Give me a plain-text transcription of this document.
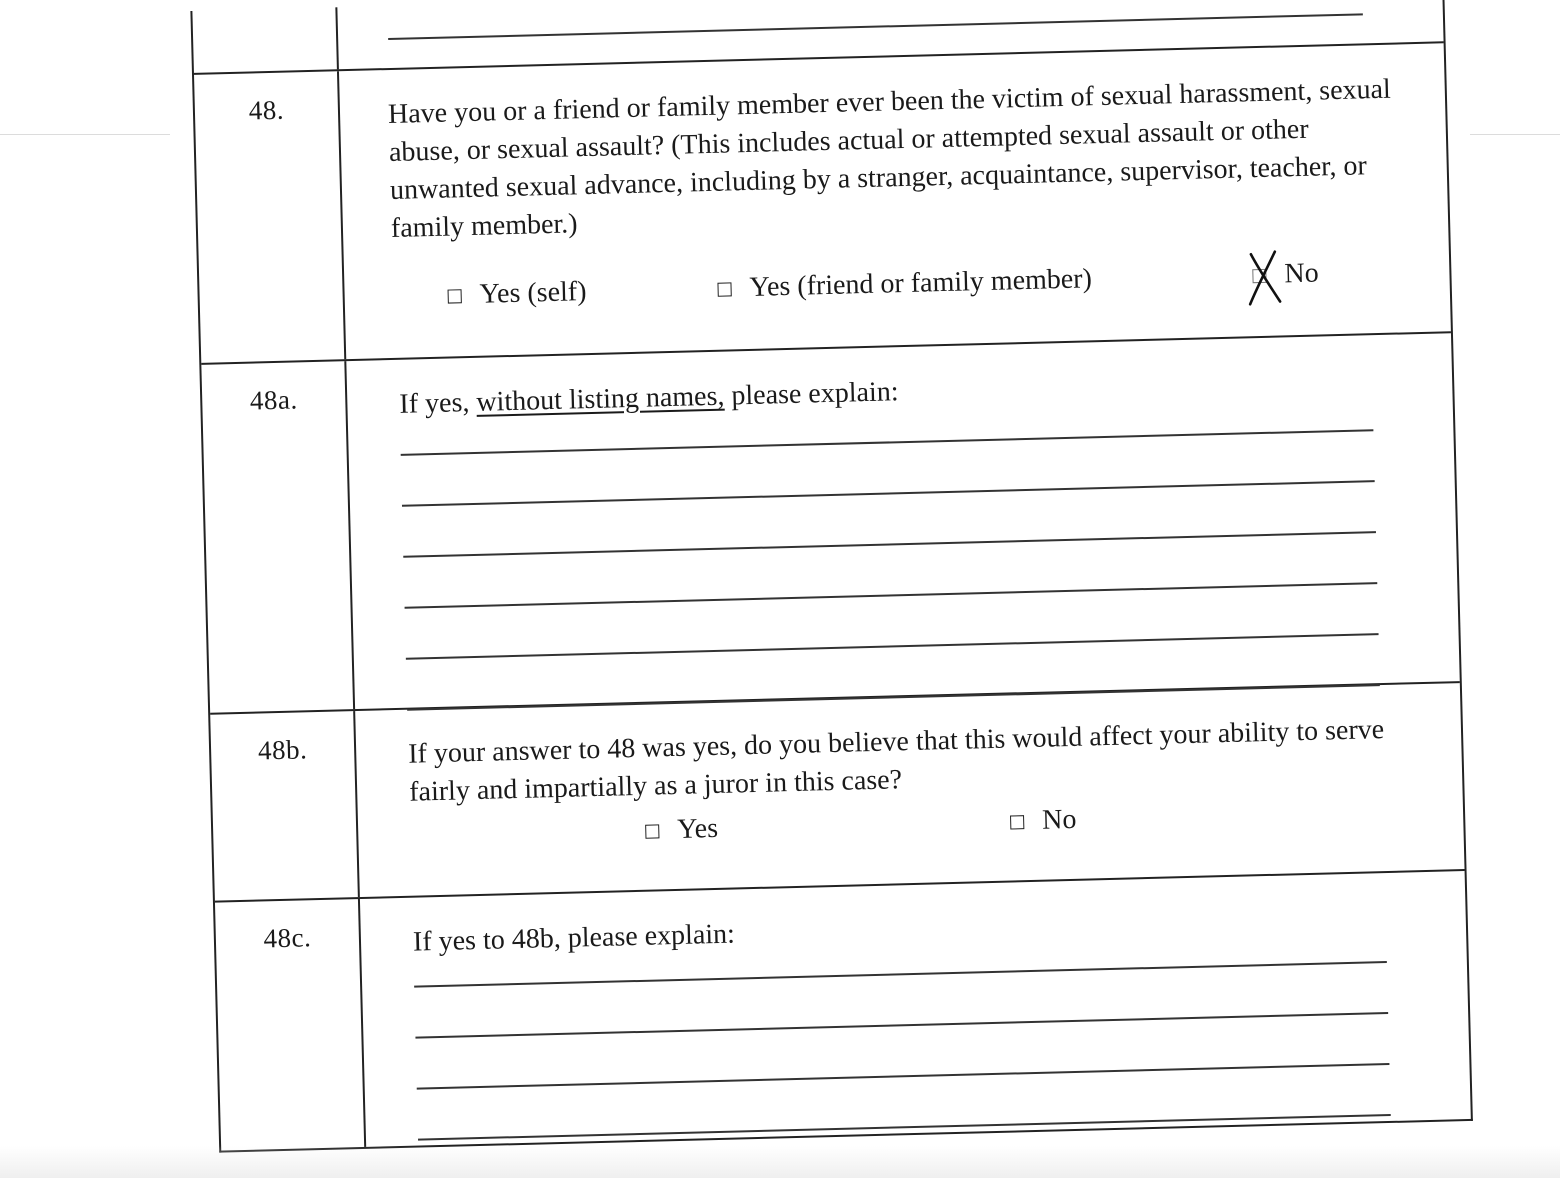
48.	Have you or a friend or family member ever been the victim of sexual harassment, sexual abuse, or sexual assault? (This includes actual or attempted sexual assault or other unwanted sexual advance, including by a stranger, acquaintance, supervisor, teacher, or family member.)

Yes (self)	Yes (friend or family member)	No
48a.	If yes, without listing names, please explain:

48b.	If your answer to 48 was yes, do you believe that this would affect your ability to serve fairly and impartially as a juror in this case?

Yes	No
48c.	If yes to 48b, please explain:
